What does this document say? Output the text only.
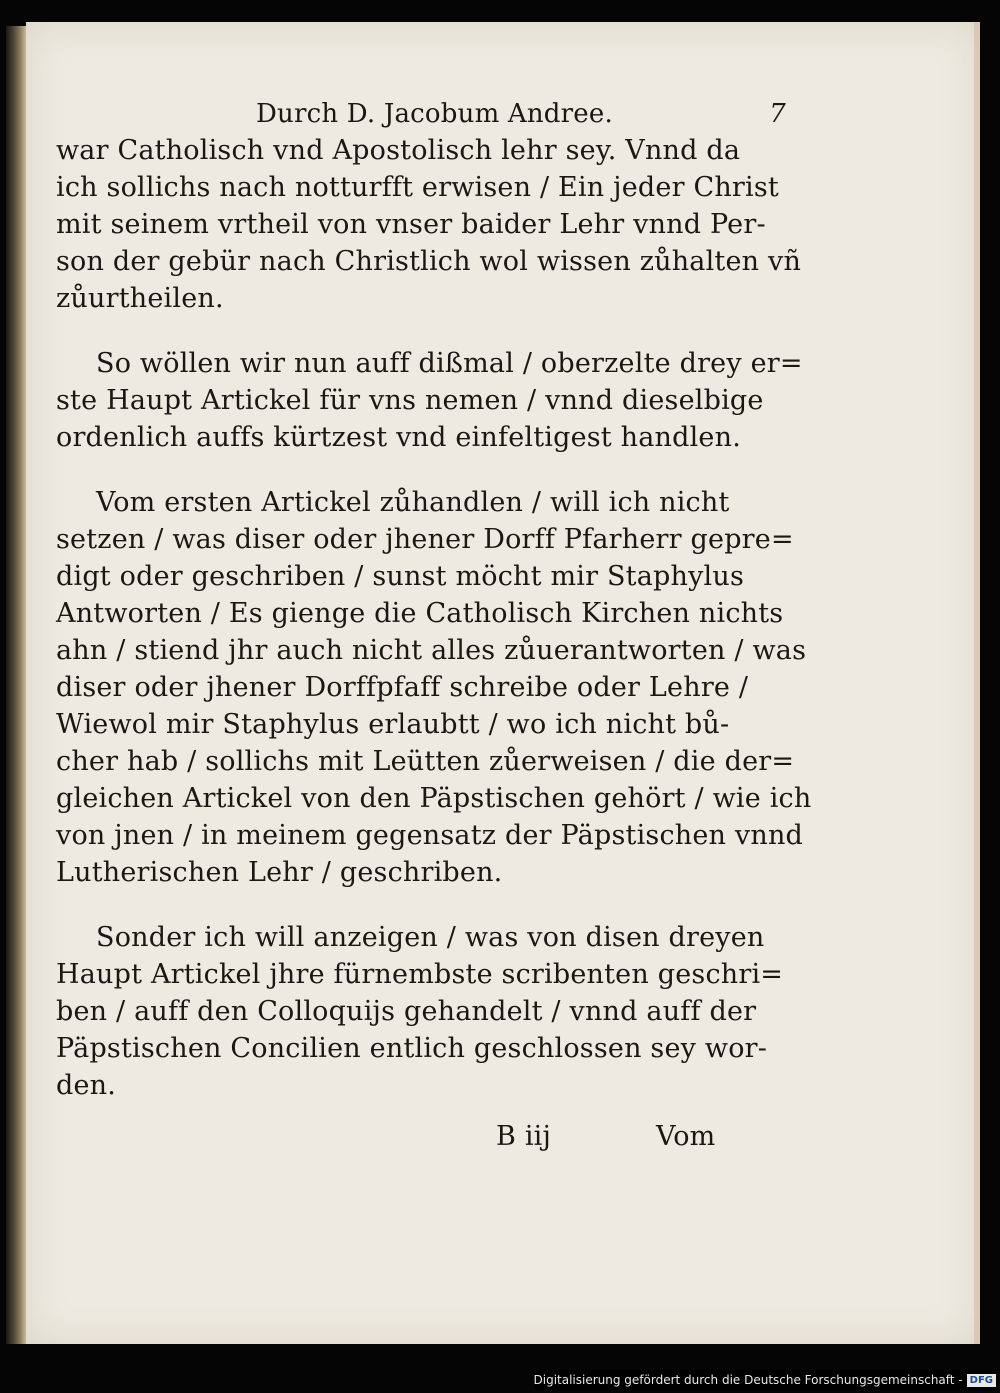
Durch D. Jacobum Andree.	7
war Catholisch vnd Apostolisch lehr sey. Vnnd da
ich sollichs nach notturfft erwisen / Ein jeder Christ
mit seinem vrtheil von vnser baider Lehr vnnd Per-
son der gebür nach Christlich wol wissen zůhalten vñ
zůurtheilen.
So wöllen wir nun auff dißmal / oberzelte drey er=
ste Haupt Artickel für vns nemen / vnnd dieselbige
ordenlich auffs kürtzest vnd einfeltigest handlen.
Vom ersten Artickel zůhandlen / will ich nicht
setzen / was diser oder jhener Dorff Pfarherr gepre=
digt oder geschriben / sunst möcht mir Staphylus
Antworten / Es gienge die Catholisch Kirchen nichts
ahn / stiend jhr auch nicht alles zůuerantworten / was
diser oder jhener Dorffpfaff schreibe oder Lehre /
Wiewol mir Staphylus erlaubtt / wo ich nicht bů-
cher hab / sollichs mit Leütten zůerweisen / die der=
gleichen Artickel von den Päpstischen gehört / wie ich
von jnen / in meinem gegensatz der Päpstischen vnnd
Lutherischen Lehr / geschriben.
Sonder ich will anzeigen / was von disen dreyen
Haupt Artickel jhre fürnembste scribenten geschri=
ben / auff den Colloquijs gehandelt / vnnd auff der
Päpstischen Concilien entlich geschlossen sey wor-
den.
B iij	Vom
Digitalisierung gefördert durch die Deutsche Forschungsgemeinschaft - DFG
